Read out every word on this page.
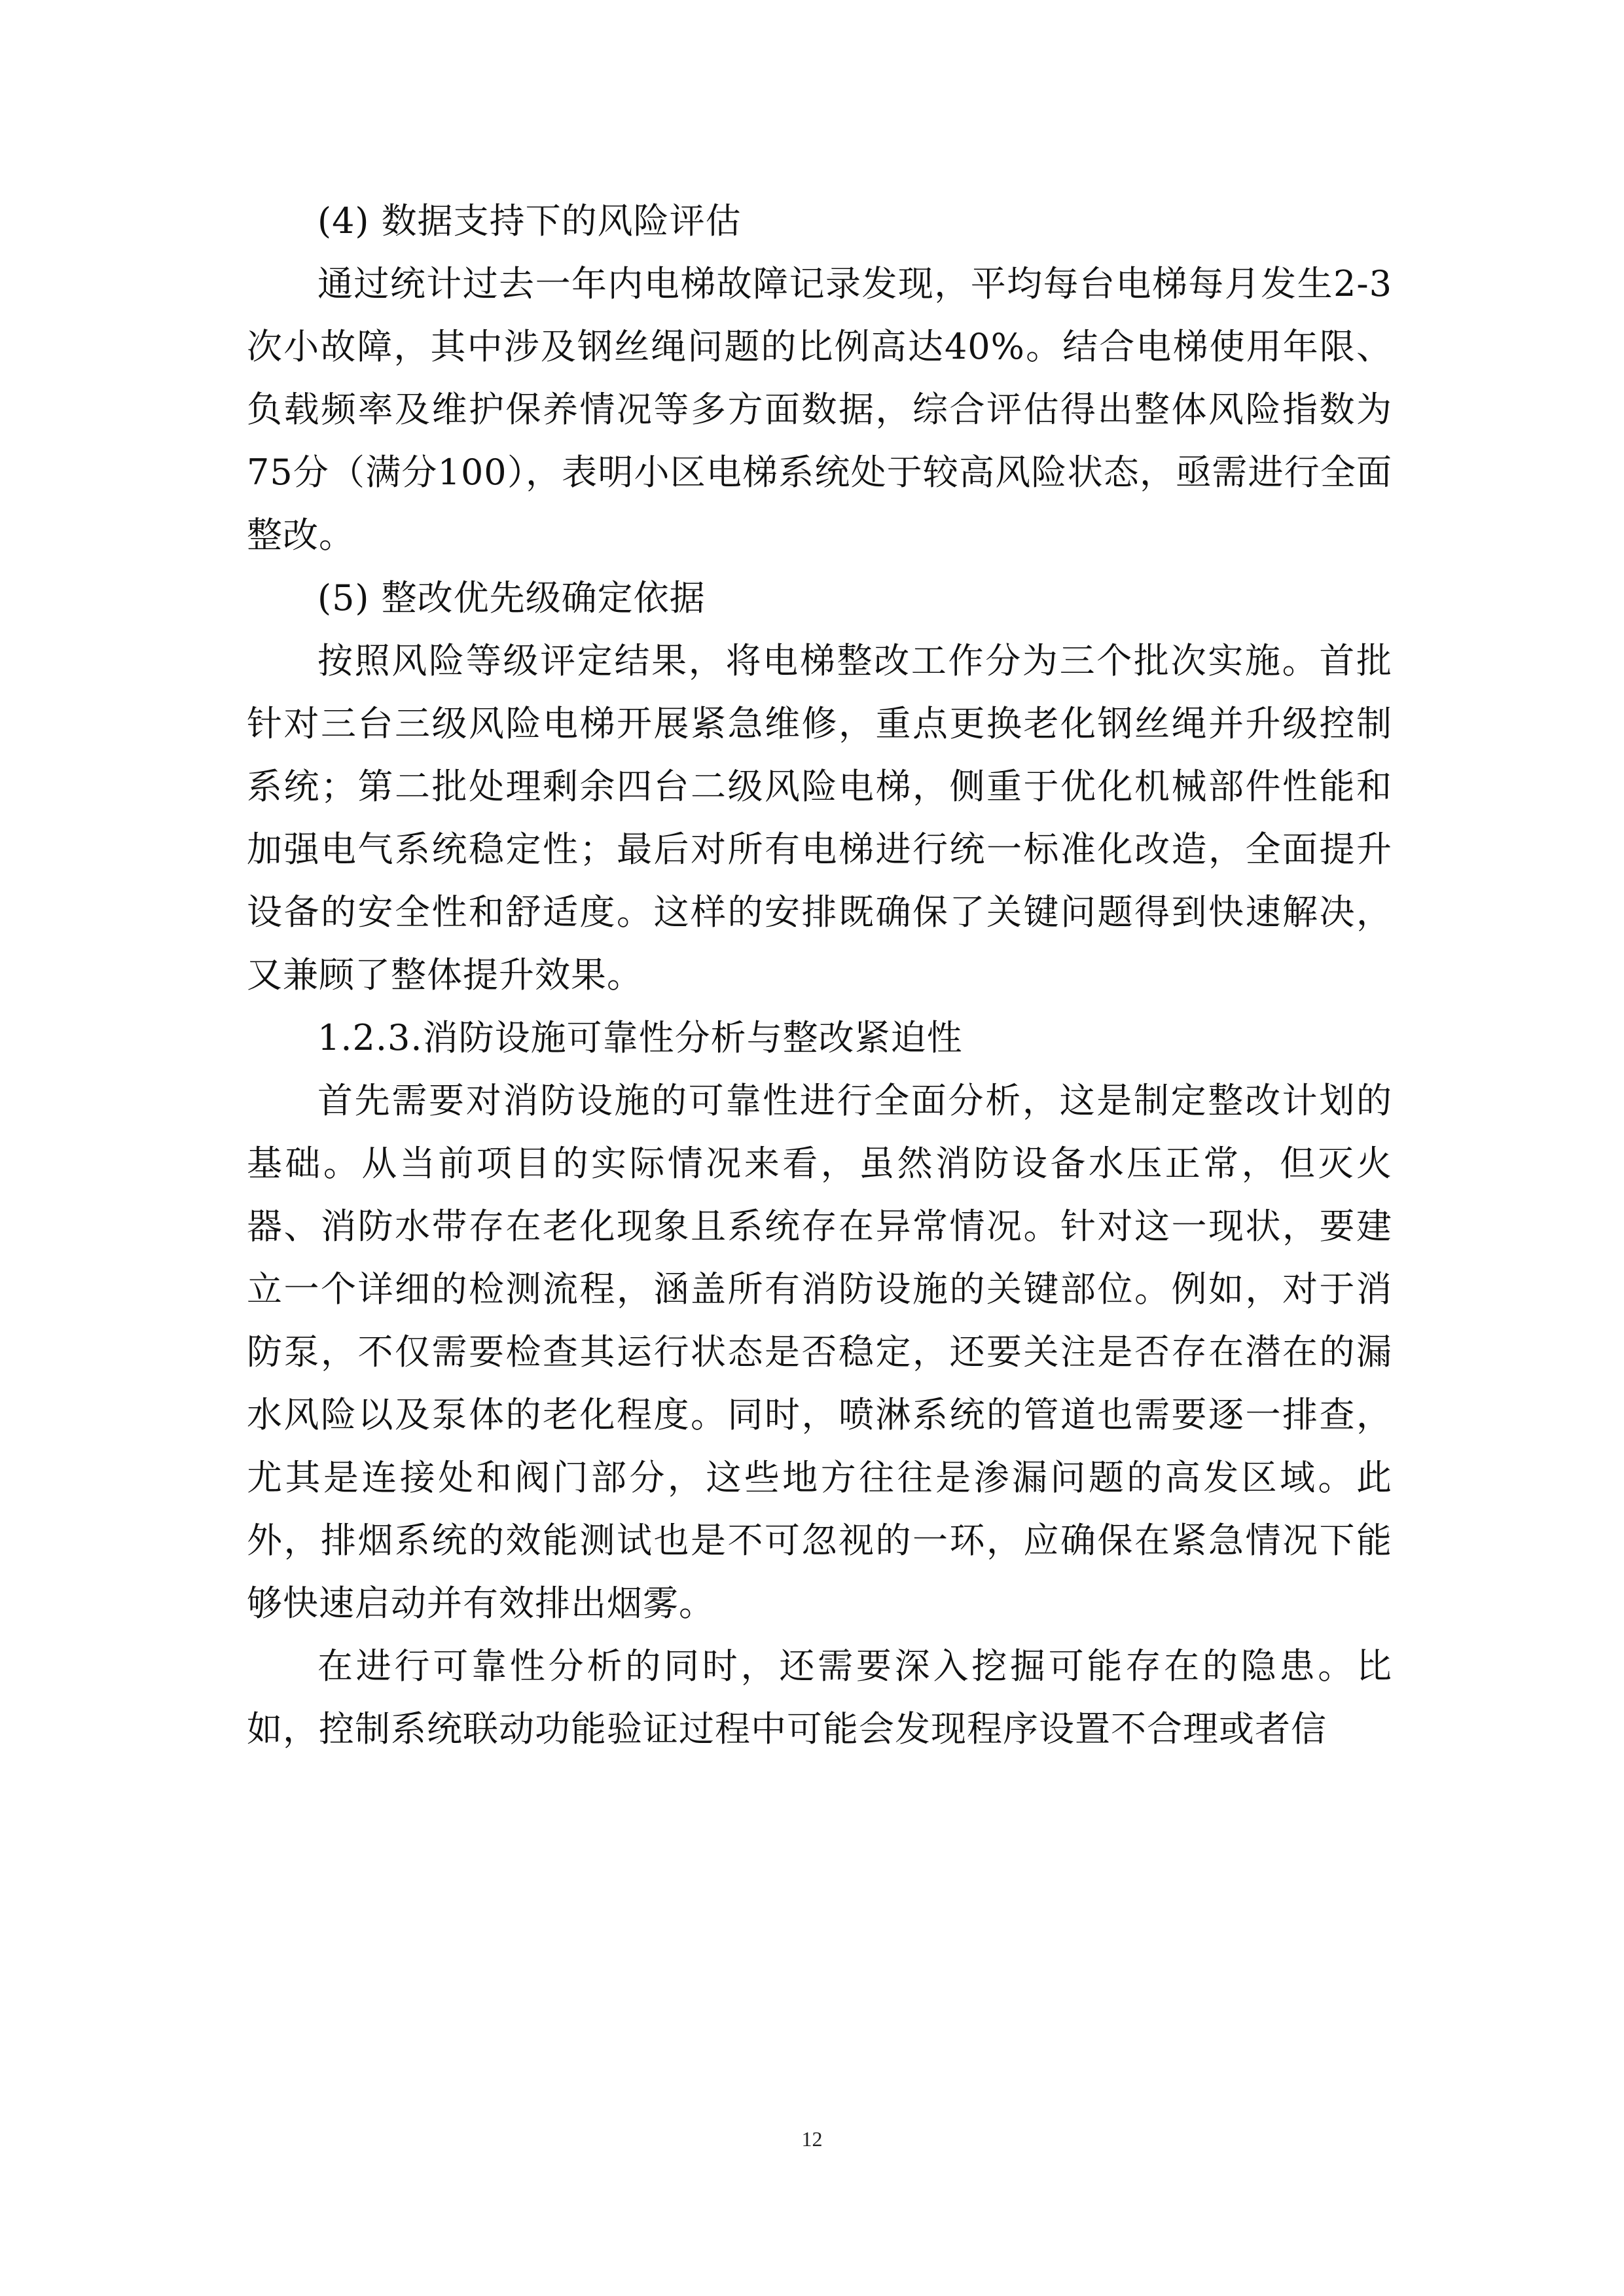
(4) 数据支持下的风险评估

通过统计过去一年内电梯故障记录发现，平均每台电梯每月发生2-3次小故障，其中涉及钢丝绳问题的比例高达40%。结合电梯使用年限、负载频率及维护保养情况等多方面数据，综合评估得出整体风险指数为75分（满分100），表明小区电梯系统处于较高风险状态，亟需进行全面整改。

(5) 整改优先级确定依据

按照风险等级评定结果，将电梯整改工作分为三个批次实施。首批针对三台三级风险电梯开展紧急维修，重点更换老化钢丝绳并升级控制系统；第二批处理剩余四台二级风险电梯，侧重于优化机械部件性能和加强电气系统稳定性；最后对所有电梯进行统一标准化改造，全面提升设备的安全性和舒适度。这样的安排既确保了关键问题得到快速解决，又兼顾了整体提升效果。

1.2.3.消防设施可靠性分析与整改紧迫性

首先需要对消防设施的可靠性进行全面分析，这是制定整改计划的基础。从当前项目的实际情况来看，虽然消防设备水压正常，但灭火器、消防水带存在老化现象且系统存在异常情况。针对这一现状，要建立一个详细的检测流程，涵盖所有消防设施的关键部位。例如，对于消防泵，不仅需要检查其运行状态是否稳定，还要关注是否存在潜在的漏水风险以及泵体的老化程度。同时，喷淋系统的管道也需要逐一排查，尤其是连接处和阀门部分，这些地方往往是渗漏问题的高发区域。此外，排烟系统的效能测试也是不可忽视的一环，应确保在紧急情况下能够快速启动并有效排出烟雾。

在进行可靠性分析的同时，还需要深入挖掘可能存在的隐患。比如，控制系统联动功能验证过程中可能会发现程序设置不合理或者信

12
